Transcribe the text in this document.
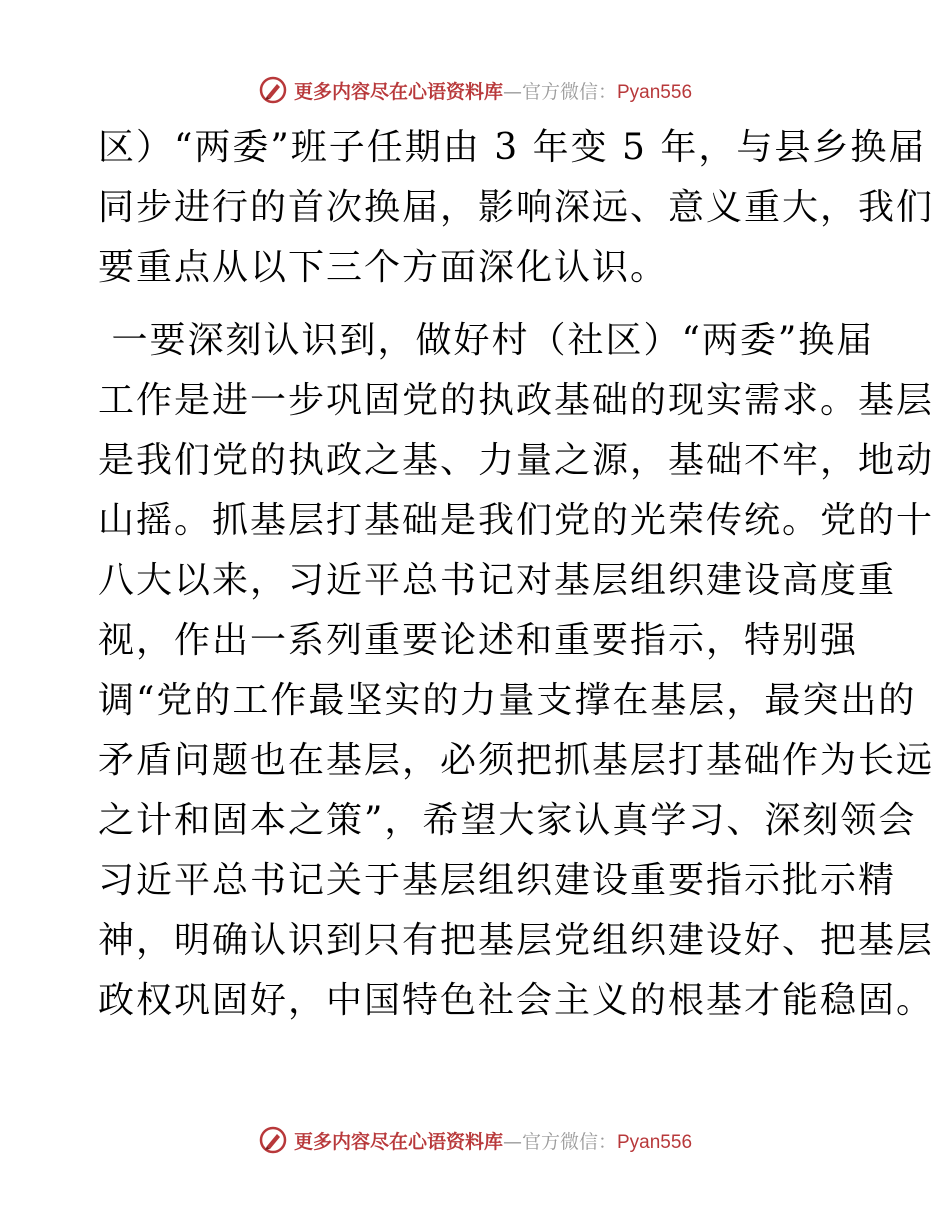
更多内容尽在心语资料库—官方微信：Pyan556
区）“两委”班子任期由 3 年变 5 年，与县乡换届
同步进行的首次换届，影响深远、意义重大，我们
要重点从以下三个方面深化认识。
一要深刻认识到，做好村（社区）“两委”换届
工作是进一步巩固党的执政基础的现实需求。基层
是我们党的执政之基、力量之源，基础不牢，地动
山摇。抓基层打基础是我们党的光荣传统。党的十
八大以来，习近平总书记对基层组织建设高度重
视，作出一系列重要论述和重要指示，特别强
调“党的工作最坚实的力量支撑在基层，最突出的
矛盾问题也在基层，必须把抓基层打基础作为长远
之计和固本之策”，希望大家认真学习、深刻领会
习近平总书记关于基层组织建设重要指示批示精
神，明确认识到只有把基层党组织建设好、把基层
政权巩固好，中国特色社会主义的根基才能稳固。
更多内容尽在心语资料库—官方微信：Pyan556
